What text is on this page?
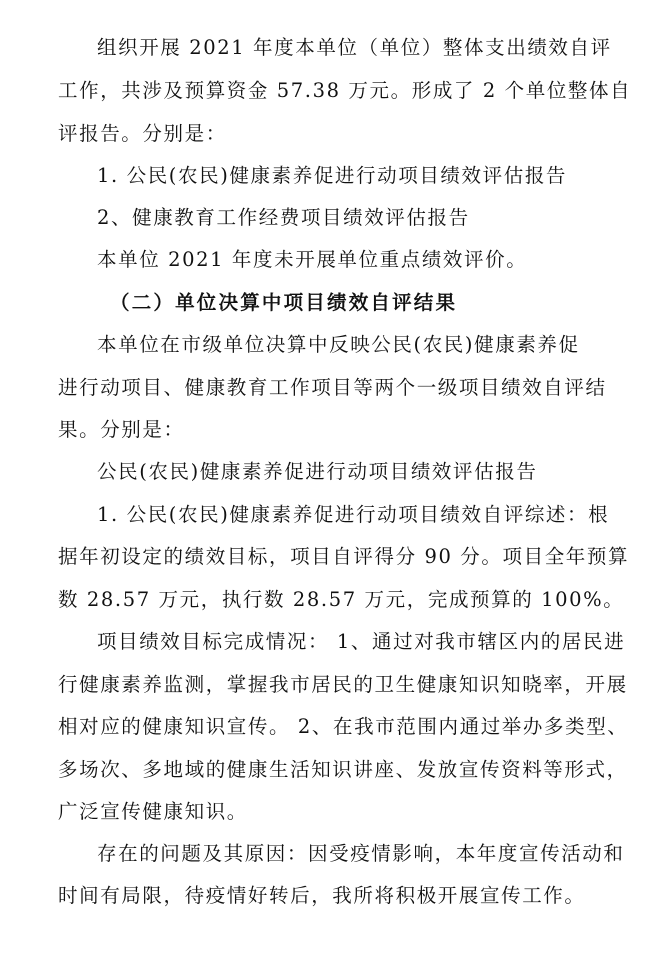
组织开展 2021 年度本单位（单位）整体支出绩效自评
工作，共涉及预算资金 57.38 万元。形成了 2 个单位整体自
评报告。分别是：
1. 公民(农民)健康素养促进行动项目绩效评估报告
2、健康教育工作经费项目绩效评估报告
本单位 2021 年度未开展单位重点绩效评价。
（二）单位决算中项目绩效自评结果
本单位在市级单位决算中反映公民(农民)健康素养促
进行动项目、健康教育工作项目等两个一级项目绩效自评结
果。分别是：
公民(农民)健康素养促进行动项目绩效评估报告
1. 公民(农民)健康素养促进行动项目绩效自评综述：根
据年初设定的绩效目标，项目自评得分 90 分。项目全年预算
数 28.57 万元，执行数 28.57 万元，完成预算的 100%。
项目绩效目标完成情况： 1、通过对我市辖区内的居民进
行健康素养监测，掌握我市居民的卫生健康知识知晓率，开展
相对应的健康知识宣传。 2、在我市范围内通过举办多类型、
多场次、多地域的健康生活知识讲座、发放宣传资料等形式，
广泛宣传健康知识。
存在的问题及其原因：因受疫情影响，本年度宣传活动和
时间有局限，待疫情好转后，我所将积极开展宣传工作。
